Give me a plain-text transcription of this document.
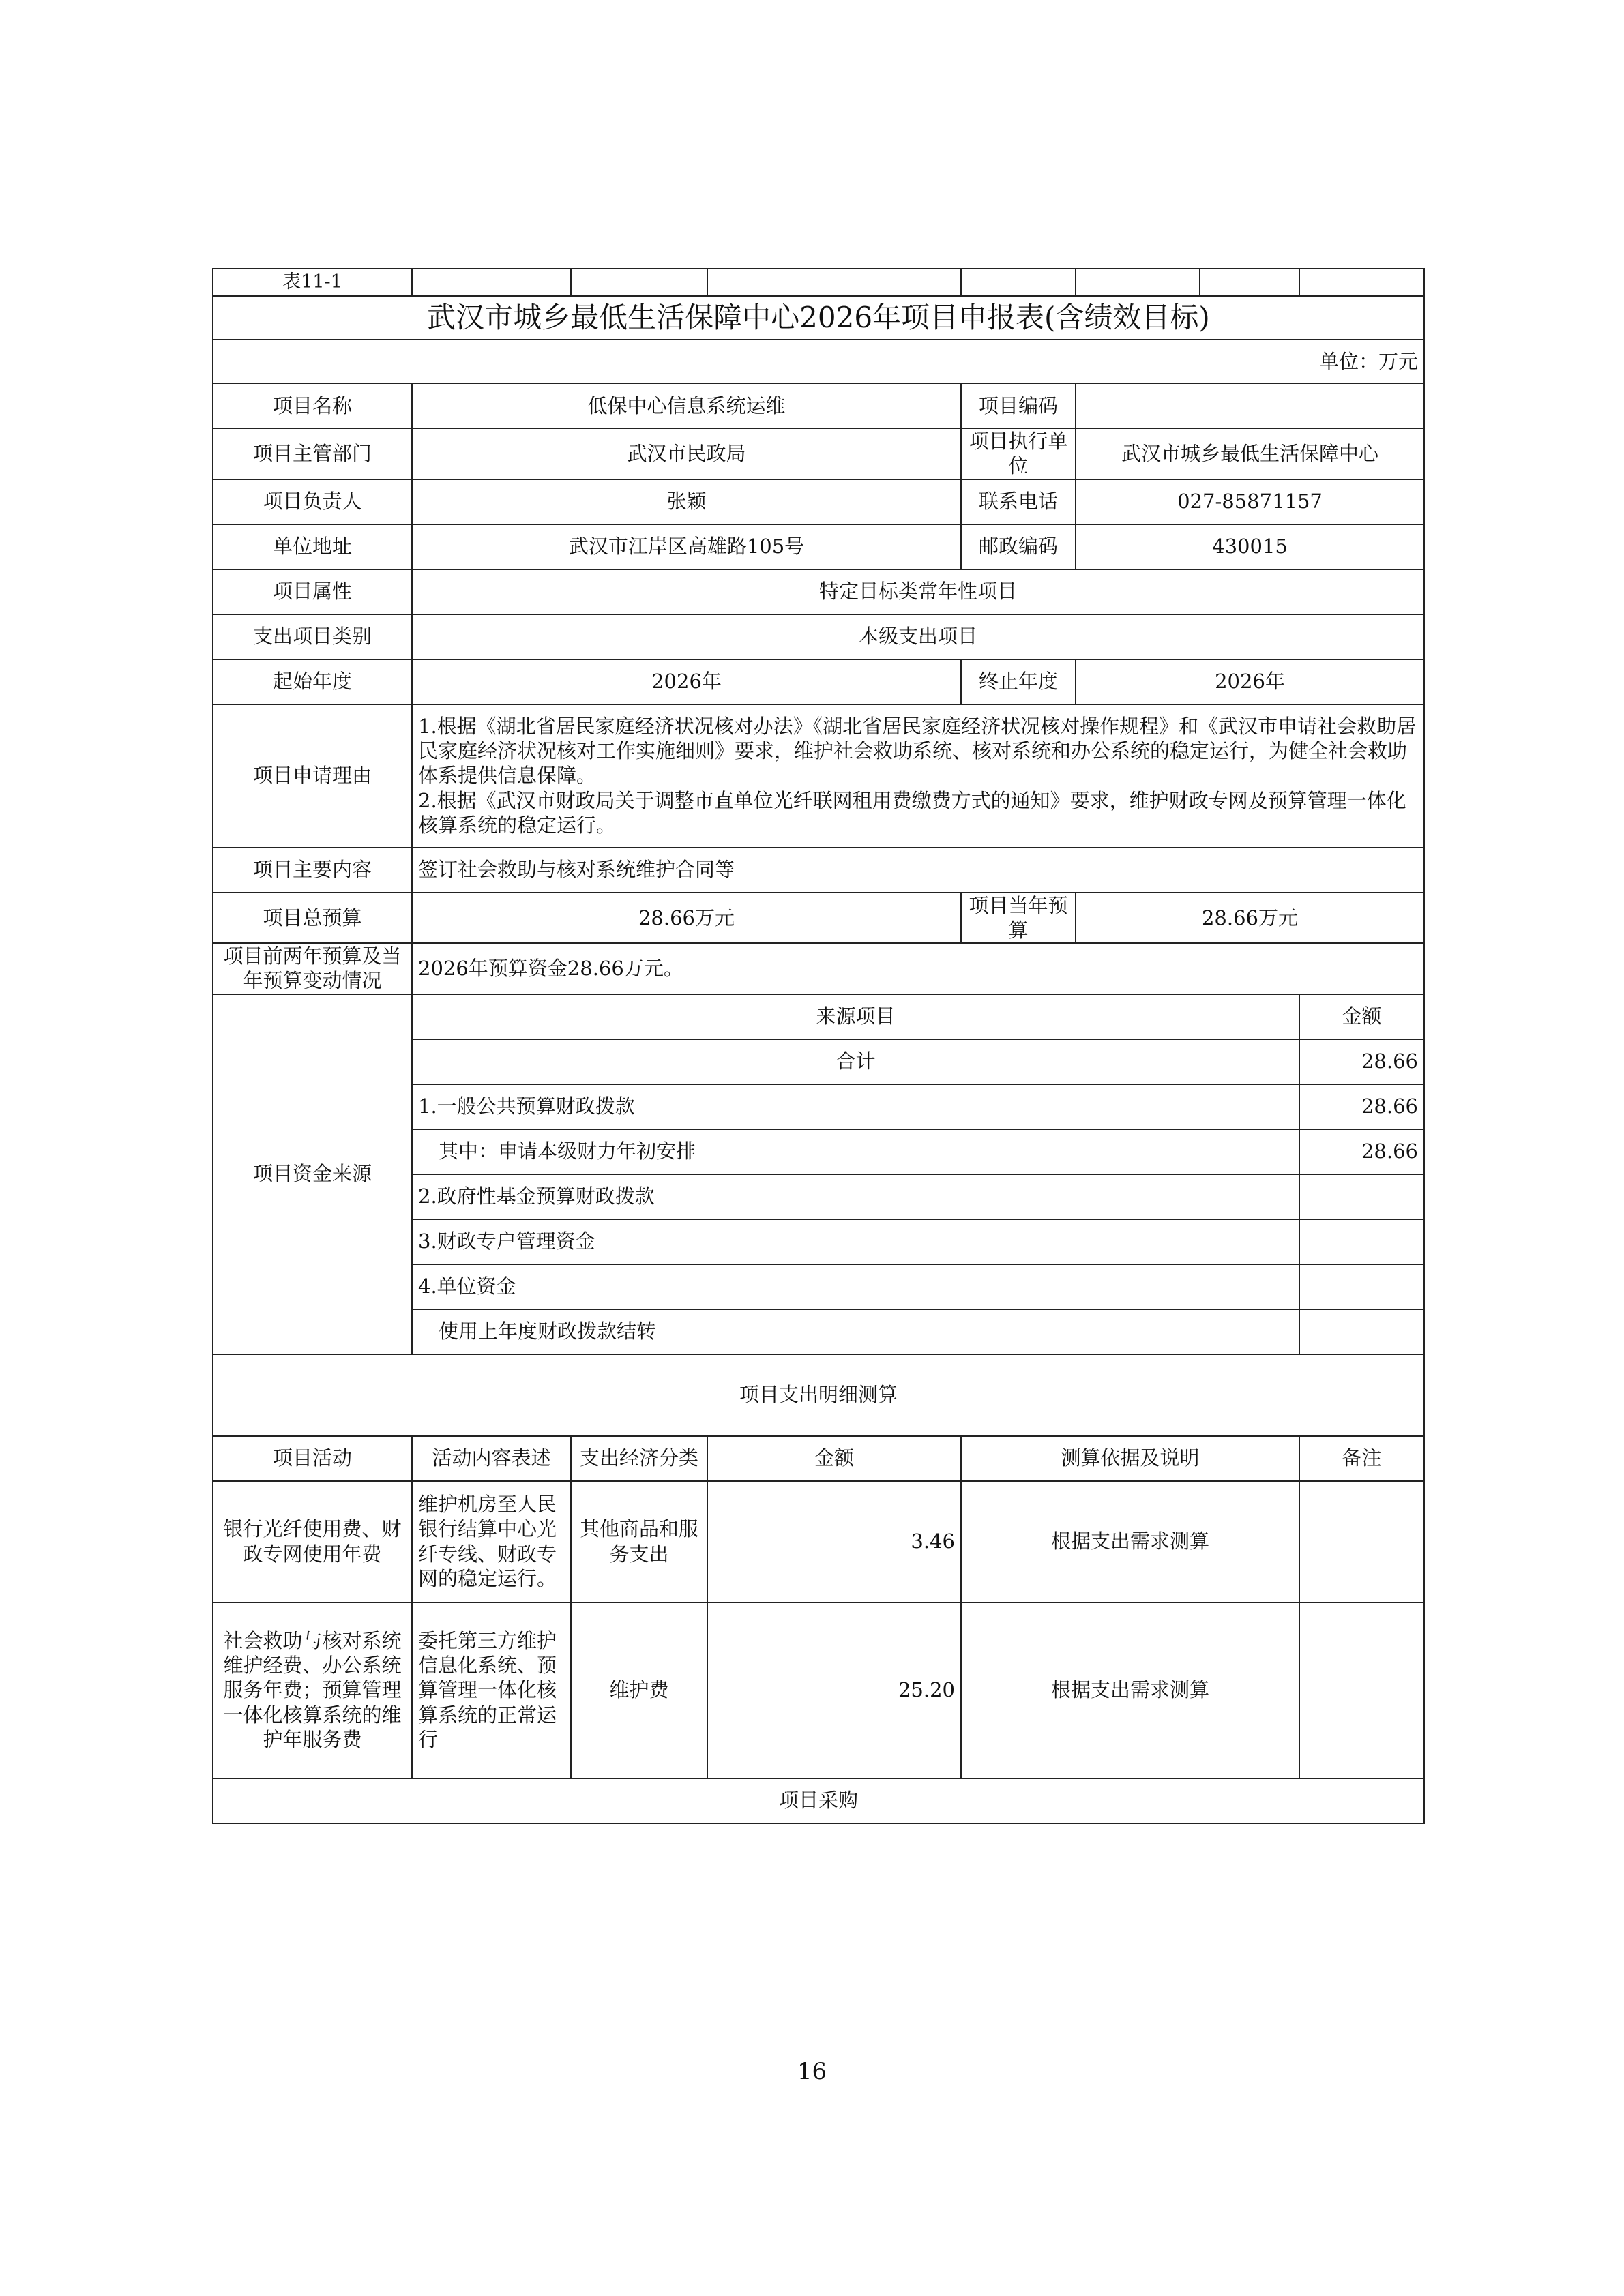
表11-1							
武汉市城乡最低生活保障中心2026年项目申报表(含绩效目标)							
单位：万元							
项目名称	低保中心信息系统运维			项目编码			
项目主管部门	武汉市民政局			项目执行单位	武汉市城乡最低生活保障中心		
项目负责人	张颖			联系电话	027-85871157		
单位地址	武汉市江岸区高雄路105号			邮政编码	430015		
项目属性	特定目标类常年性项目						
支出项目类别	本级支出项目						
起始年度	2026年			终止年度	2026年		
项目申请理由	1.根据《湖北省居民家庭经济状况核对办法》《湖北省居民家庭经济状况核对操作规程》和《武汉市申请社会救助居民家庭经济状况核对工作实施细则》要求，维护社会救助系统、核对系统和办公系统的稳定运行，为健全社会救助体系提供信息保障。
2.根据《武汉市财政局关于调整市直单位光纤联网租用费缴费方式的通知》要求，维护财政专网及预算管理一体化核算系统的稳定运行。						
项目主要内容	签订社会救助与核对系统维护合同等						
项目总预算	28.66万元			项目当年预算	28.66万元		
项目前两年预算及当年预算变动情况	2026年预算资金28.66万元。						
项目资金来源	来源项目						金额
	合计						28.66
	1.一般公共预算财政拨款						28.66
	其中：申请本级财力年初安排						28.66
	2.政府性基金预算财政拨款						
	3.财政专户管理资金						
	4.单位资金						
	使用上年度财政拨款结转						
项目支出明细测算							
项目活动	活动内容表述	支出经济分类	金额	测算依据及说明			备注
银行光纤使用费、财政专网使用年费	维护机房至人民银行结算中心光纤专线、财政专网的稳定运行。	其他商品和服务支出	3.46	根据支出需求测算			
社会救助与核对系统维护经费、办公系统服务年费；预算管理一体化核算系统的维护年服务费	委托第三方维护信息化系统、预算管理一体化核算系统的正常运行	维护费	25.20	根据支出需求测算			
项目采购							
16
